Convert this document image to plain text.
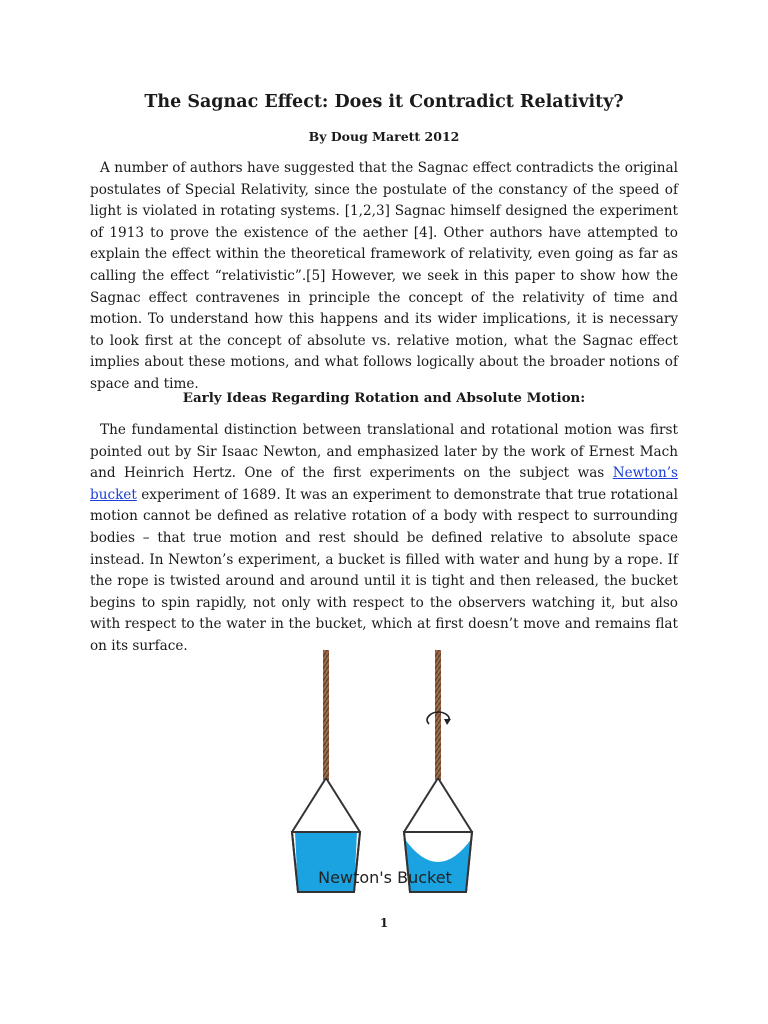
The Sagnac Effect: Does it Contradict Relativity?
By Doug Marett 2012

A number of authors have suggested that the Sagnac effect contradicts the original postulates of Special Relativity, since the postulate of the constancy of the speed of light is violated in rotating systems. [1,2,3] Sagnac himself designed the experiment of 1913 to prove the existence of the aether [4]. Other authors have attempted to explain the effect within the theoretical framework of relativity, even going as far as calling the effect “relativistic”.[5] However, we seek in this paper to show how the Sagnac effect contravenes in principle the concept of the relativity of time and motion. To understand how this happens and its wider implications, it is necessary to look first at the concept of absolute vs. relative motion, what the Sagnac effect implies about these motions, and what follows logically about the broader notions of space and time.

Early Ideas Regarding Rotation and Absolute Motion:

The fundamental distinction between translational and rotational motion was first pointed out by Sir Isaac Newton, and emphasized later by the work of Ernest Mach and Heinrich Hertz. One of the first experiments on the subject was Newton’s bucket experiment of 1689. It was an experiment to demonstrate that true rotational motion cannot be defined as relative rotation of a body with respect to surrounding bodies – that true motion and rest should be defined relative to absolute space instead. In Newton’s experiment, a bucket is filled with water and hung by a rope. If the rope is twisted around and around until it is tight and then released, the bucket begins to spin rapidly, not only with respect to the observers watching it, but also with respect to the water in the bucket, which at first doesn’t move and remains flat on its surface.

Newton's Bucket
1
